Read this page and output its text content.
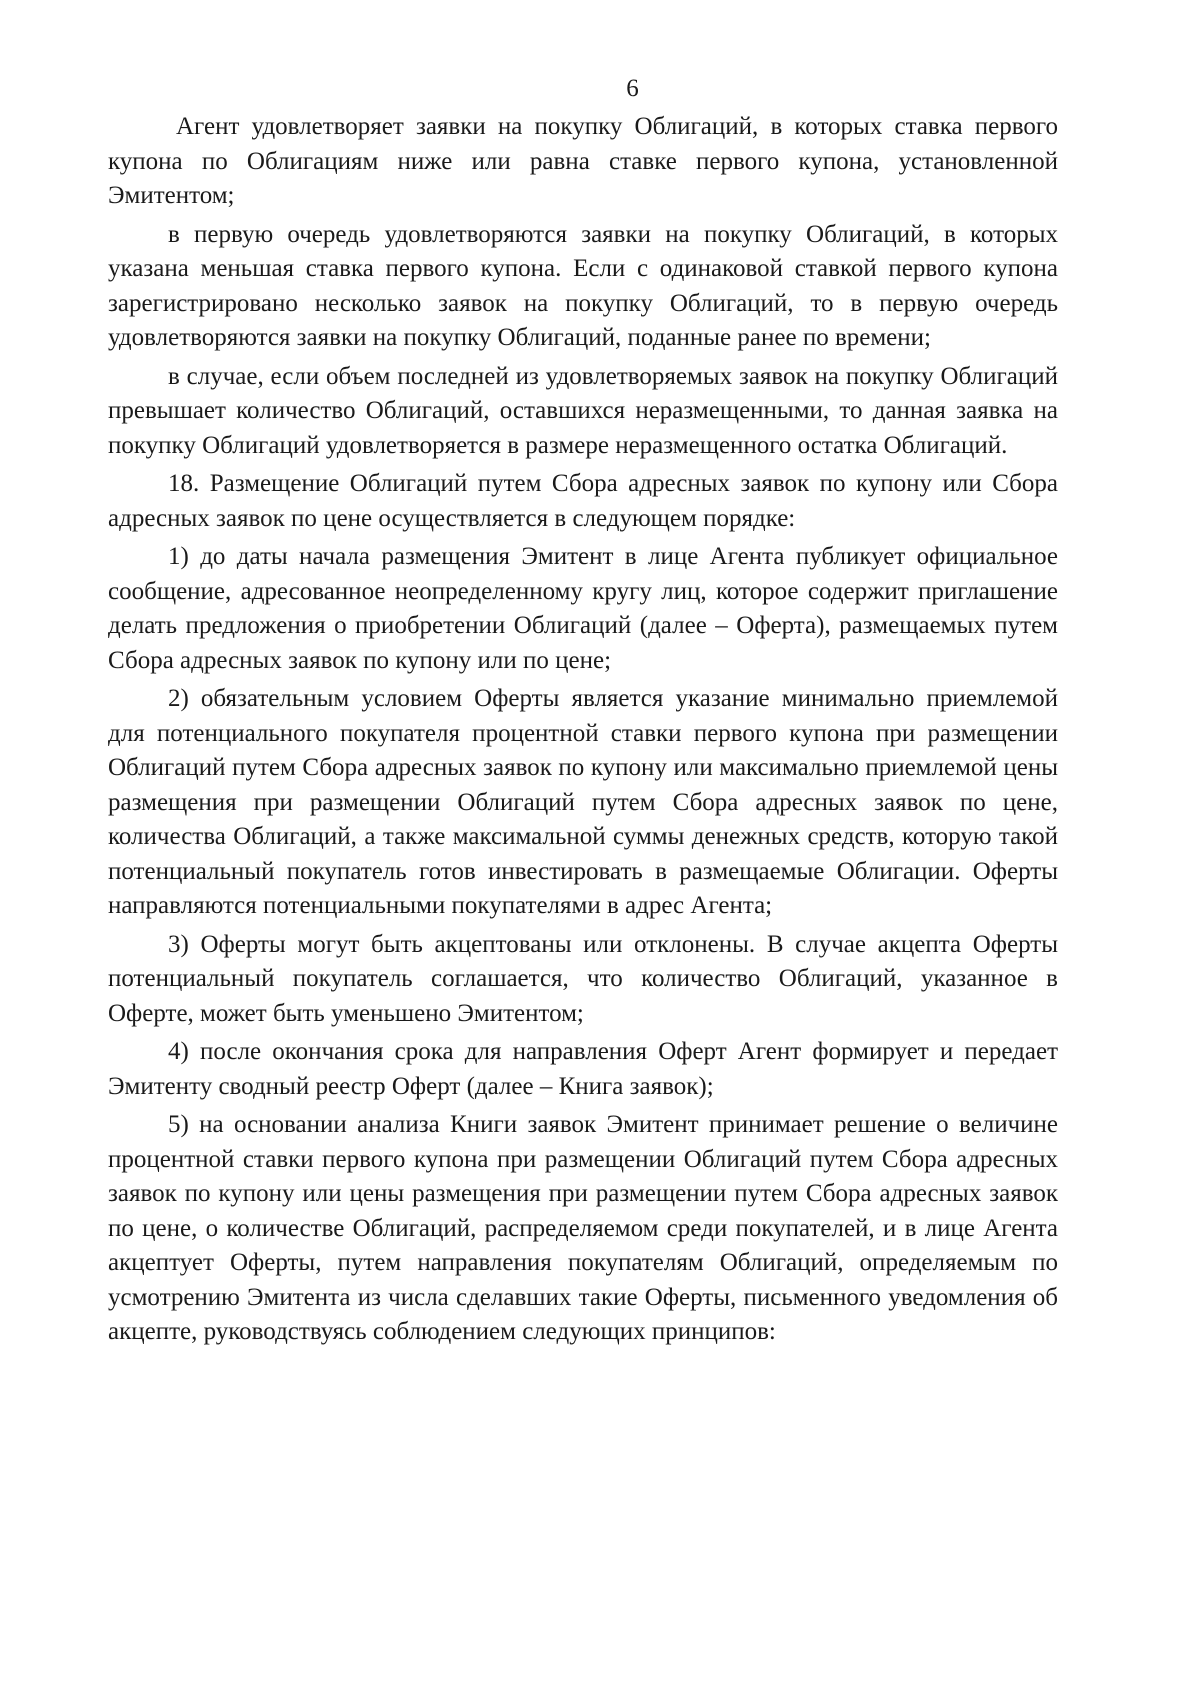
6

Агент удовлетворяет заявки на покупку Облигаций, в которых ставка первого купона по Облигациям ниже или равна ставке первого купона, установленной Эмитентом;

в первую очередь удовлетворяются заявки на покупку Облигаций, в которых указана меньшая ставка первого купона. Если с одинаковой ставкой первого купона зарегистрировано несколько заявок на покупку Облигаций, то в первую очередь удовлетворяются заявки на покупку Облигаций, поданные ранее по времени;

в случае, если объем последней из удовлетворяемых заявок на покупку Облигаций превышает количество Облигаций, оставшихся неразмещенными, то данная заявка на покупку Облигаций удовлетворяется в размере неразмещенного остатка Облигаций.

18. Размещение Облигаций путем Сбора адресных заявок по купону или Сбора адресных заявок по цене осуществляется в следующем порядке:

1) до даты начала размещения Эмитент в лице Агента публикует официальное сообщение, адресованное неопределенному кругу лиц, которое содержит приглашение делать предложения о приобретении Облигаций (далее – Оферта), размещаемых путем Сбора адресных заявок по купону или по цене;

2) обязательным условием Оферты является указание минимально приемлемой для потенциального покупателя процентной ставки первого купона при размещении Облигаций путем Сбора адресных заявок по купону или максимально приемлемой цены размещения при размещении Облигаций путем Сбора адресных заявок по цене, количества Облигаций, а также максимальной суммы денежных средств, которую такой потенциальный покупатель готов инвестировать в размещаемые Облигации. Оферты направляются потенциальными покупателями в адрес Агента;

3) Оферты могут быть акцептованы или отклонены. В случае акцепта Оферты потенциальный покупатель соглашается, что количество Облигаций, указанное в Оферте, может быть уменьшено Эмитентом;

4) после окончания срока для направления Оферт Агент формирует и передает Эмитенту сводный реестр Оферт (далее – Книга заявок);

5) на основании анализа Книги заявок Эмитент принимает решение о величине процентной ставки первого купона при размещении Облигаций путем Сбора адресных заявок по купону или цены размещения при размещении путем Сбора адресных заявок по цене, о количестве Облигаций, распределяемом среди покупателей, и в лице Агента акцептует Оферты, путем направления покупателям Облигаций, определяемым по усмотрению Эмитента из числа сделавших такие Оферты, письменного уведомления об акцепте, руководствуясь соблюдением следующих принципов:
